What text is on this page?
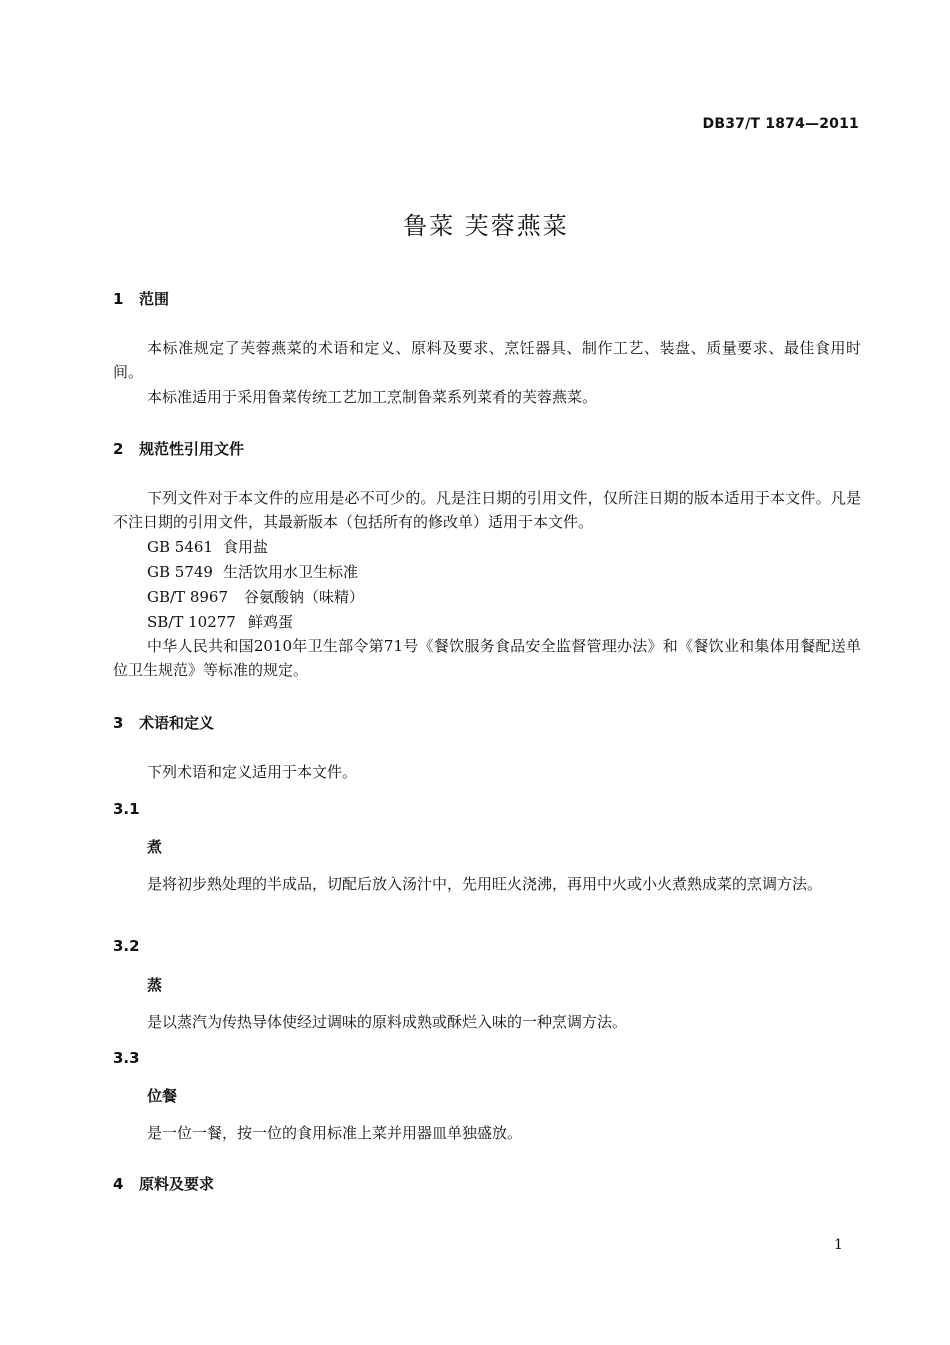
DB37/T 1874—2011
鲁菜 芙蓉燕菜
1 范围

本标准规定了芙蓉燕菜的术语和定义、原料及要求、烹饪器具、制作工艺、装盘、质量要求、最佳食用时间。

本标准适用于采用鲁菜传统工艺加工烹制鲁菜系列菜肴的芙蓉燕菜。

2 规范性引用文件

下列文件对于本文件的应用是必不可少的。凡是注日期的引用文件，仅所注日期的版本适用于本文件。凡是不注日期的引用文件，其最新版本（包括所有的修改单）适用于本文件。

GB 5461 食用盐
GB 5749 生活饮用水卫生标准
GB/T 8967 谷氨酸钠（味精）
SB/T 10277 鲜鸡蛋

中华人民共和国2010年卫生部令第71号《餐饮服务食品安全监督管理办法》和《餐饮业和集体用餐配送单位卫生规范》等标准的规定。

3 术语和定义

下列术语和定义适用于本文件。

3.1
煮

是将初步熟处理的半成品，切配后放入汤汁中，先用旺火浇沸，再用中火或小火煮熟成菜的烹调方法。

3.2
蒸

是以蒸汽为传热导体使经过调味的原料成熟或酥烂入味的一种烹调方法。

3.3
位餐

是一位一餐，按一位的食用标准上菜并用器皿单独盛放。

4 原料及要求
1
